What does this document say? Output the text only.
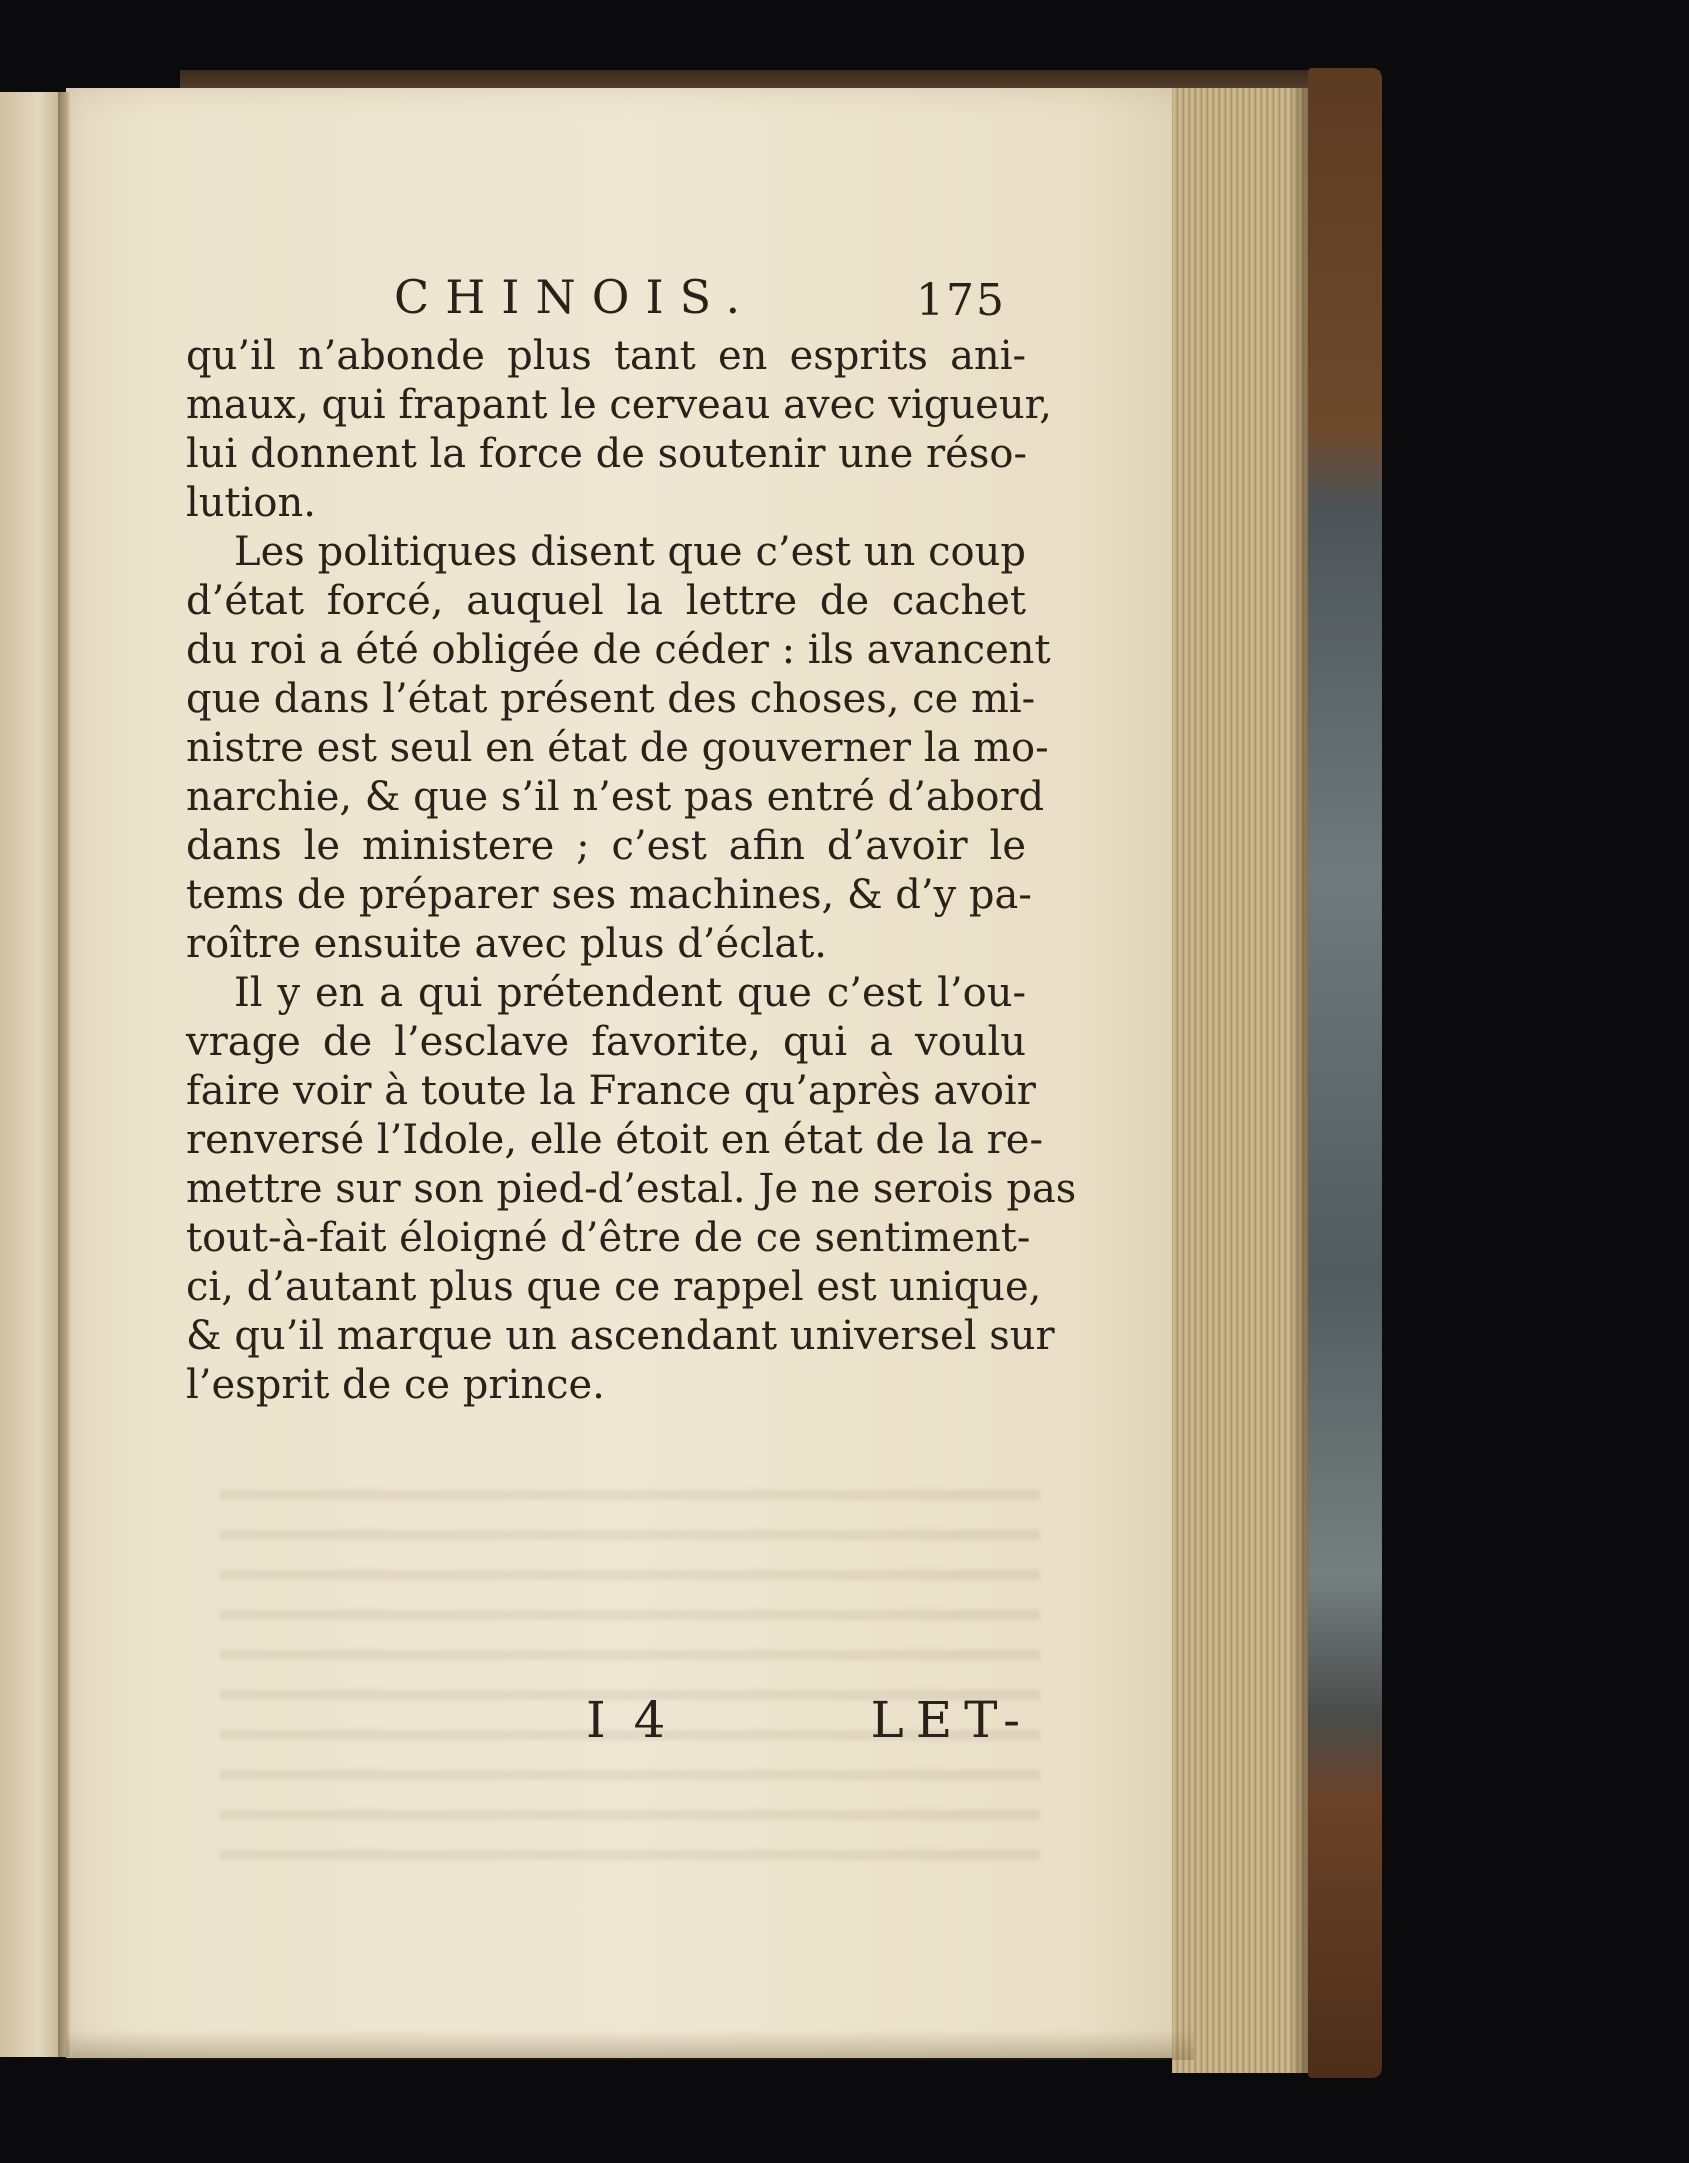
CHINOIS.	175
qu’il n’abonde plus tant en esprits ani-
maux, qui frapant le cerveau avec vigueur,
lui donnent la force de soutenir une réso-
lution.
Les politiques disent que c’est un coup
d’état forcé, auquel la lettre de cachet
du roi a été obligée de céder : ils avancent
que dans l’état présent des choses, ce mi-
nistre est seul en état de gouverner la mo-
narchie, & que s’il n’est pas entré d’abord
dans le ministere ; c’est afin d’avoir le
tems de préparer ses machines, & d’y pa-
roître ensuite avec plus d’éclat.
Il y en a qui prétendent que c’est l’ou-
vrage de l’esclave favorite, qui a voulu
faire voir à toute la France qu’après avoir
renversé l’Idole, elle étoit en état de la re-
mettre sur son pied-d’estal. Je ne serois pas
tout-à-fait éloigné d’être de ce sentiment-
ci, d’autant plus que ce rappel est unique,
& qu’il marque un ascendant universel sur
l’esprit de ce prince.
I 4	LET-
